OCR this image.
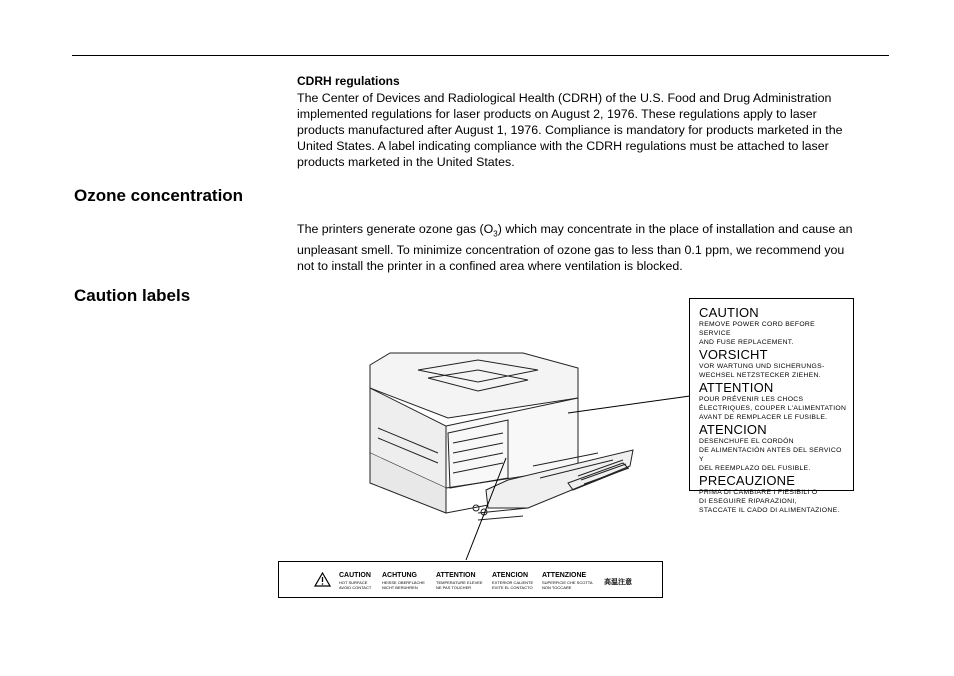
CDRH regulations
The Center of Devices and Radiological Health (CDRH) of the U.S. Food and Drug Administration
implemented regulations for laser products on August 2, 1976. These regulations apply to laser
products manufactured after August 1, 1976. Compliance is mandatory for products marketed in the
United States. A label indicating compliance with the CDRH regulations must be attached to laser
products marketed in the United States.
Ozone concentration
The printers generate ozone gas $(O_3)$ which may concentrate in the place of installation and cause an
unpleasant smell. To minimize concentration of ozone gas to less than 0.1 ppm, we recommend you
not to install the printer in a confined area where ventilation is blocked.
Caution labels
CAUTION
HOT SURFACE
AVOID CONTACT
ACHTUNG
HEISSE OBERFLÄCHE
NICHT BERÜHREN
ATTENTION
TEMPERATURE ELEVEE
NE PAS TOUCHER
ATENCION
EXTERIOR CALIENTE
EVITE EL CONTACTO
ATTENZIONE
SUPERFICIE CHE SCOTTA
NON TOCCARE
高温注意
CAUTION
REMOVE POWER CORD BEFORE SERVICE
AND FUSE REPLACEMENT.
VORSICHT
VOR WARTUNG UND SICHERUNGS-
WECHSEL NETZSTECKER ZIEHEN.
ATTENTION
POUR PRÉVENIR LES CHOCS
ÉLECTRIQUES, COUPER L'ALIMENTATION
AVANT DE REMPLACER LE FUSIBLE.
ATENCION
DESENCHUFE EL CORDÓN
DE ALIMENTACIÓN ANTES DEL SERVICO Y
DEL REEMPLAZO DEL FUSIBLE.
PRECAUZIONE
PRIMA DI CAMBIARE I FIESIBILI O
DI ESEGUIRE RIPARAZIONI,
STACCATE IL CADO DI ALIMENTAZIONE.
